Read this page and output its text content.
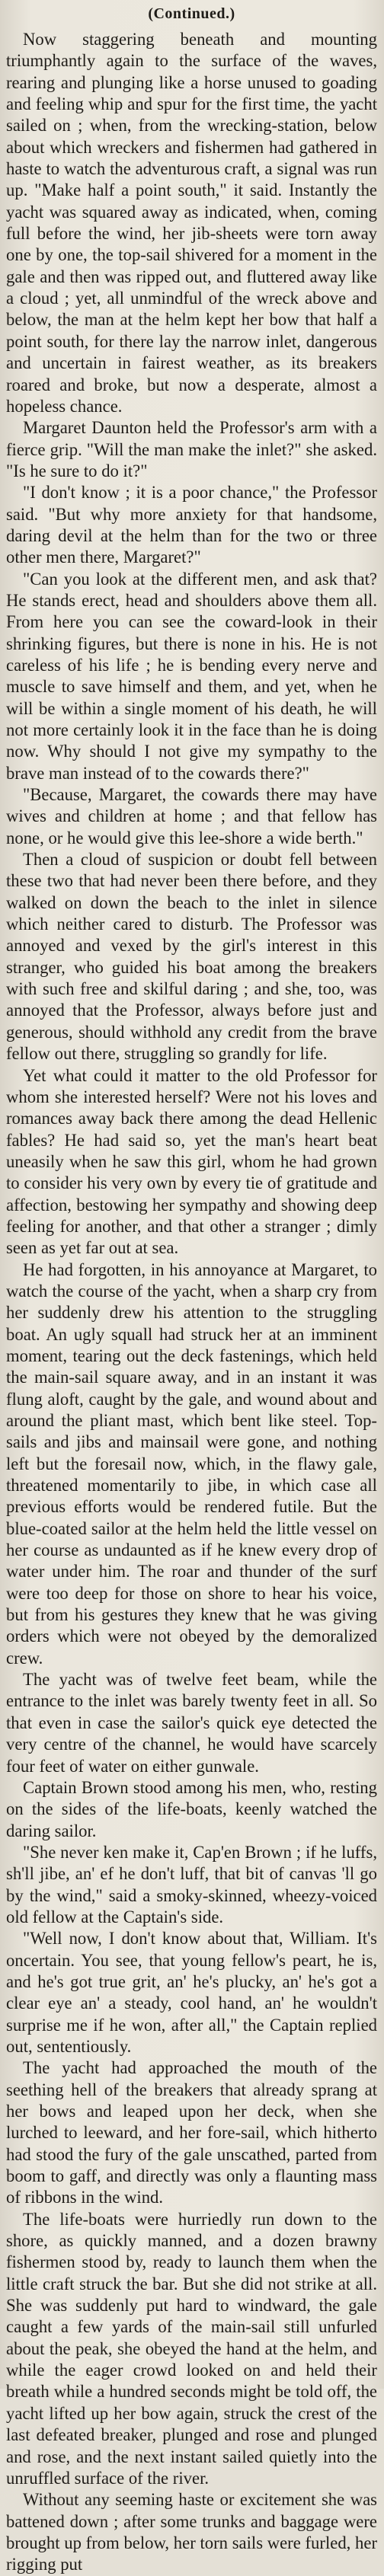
(Continued.)

Now staggering beneath and mounting triumphantly again to the surface of the waves, rearing and plunging like a horse unused to goading and feeling whip and spur for the first time, the yacht sailed on ; when, from the wrecking-station, below about which wreckers and fishermen had gathered in haste to watch the adventurous craft, a signal was run up. "Make half a point south," it said. Instantly the yacht was squared away as indicated, when, coming full before the wind, her jib-sheets were torn away one by one, the top-sail shivered for a moment in the gale and then was ripped out, and fluttered away like a cloud ; yet, all unmindful of the wreck above and below, the man at the helm kept her bow that half a point south, for there lay the narrow inlet, dangerous and uncertain in fairest weather, as its breakers roared and broke, but now a desperate, almost a hopeless chance.

Margaret Daunton held the Professor's arm with a fierce grip. "Will the man make the inlet?" she asked. "Is he sure to do it?"

"I don't know ; it is a poor chance," the Professor said. "But why more anxiety for that handsome, daring devil at the helm than for the two or three other men there, Margaret?"

"Can you look at the different men, and ask that? He stands erect, head and shoulders above them all. From here you can see the coward-look in their shrinking figures, but there is none in his. He is not careless of his life ; he is bending every nerve and muscle to save himself and them, and yet, when he will be within a single moment of his death, he will not more certainly look it in the face than he is doing now. Why should I not give my sympathy to the brave man instead of to the cowards there?"

"Because, Margaret, the cowards there may have wives and children at home ; and that fellow has none, or he would give this lee-shore a wide berth."

Then a cloud of suspicion or doubt fell between these two that had never been there before, and they walked on down the beach to the inlet in silence which neither cared to disturb. The Professor was annoyed and vexed by the girl's interest in this stranger, who guided his boat among the breakers with such free and skilful daring ; and she, too, was annoyed that the Professor, always before just and generous, should withhold any credit from the brave fellow out there, struggling so grandly for life.

Yet what could it matter to the old Professor for whom she interested herself? Were not his loves and romances away back there among the dead Hellenic fables? He had said so, yet the man's heart beat uneasily when he saw this girl, whom he had grown to consider his very own by every tie of gratitude and affection, bestowing her sympathy and showing deep feeling for another, and that other a stranger ; dimly seen as yet far out at sea.

He had forgotten, in his annoyance at Margaret, to watch the course of the yacht, when a sharp cry from her suddenly drew his attention to the struggling boat. An ugly squall had struck her at an imminent moment, tearing out the deck fastenings, which held the main-sail square away, and in an instant it was flung aloft, caught by the gale, and wound about and around the pliant mast, which bent like steel. Top-sails and jibs and mainsail were gone, and nothing left but the foresail now, which, in the flawy gale, threatened momentarily to jibe, in which case all previous efforts would be rendered futile. But the blue-coated sailor at the helm held the little vessel on her course as undaunted as if he knew every drop of water under him. The roar and thunder of the surf were too deep for those on shore to hear his voice, but from his gestures they knew that he was giving orders which were not obeyed by the demoralized crew.

The yacht was of twelve feet beam, while the entrance to the inlet was barely twenty feet in all. So that even in case the sailor's quick eye detected the very centre of the channel, he would have scarcely four feet of water on either gunwale.

Captain Brown stood among his men, who, resting on the sides of the life-boats, keenly watched the daring sailor.

"She never ken make it, Cap'en Brown ; if he luffs, sh'll jibe, an' ef he don't luff, that bit of canvas 'll go by the wind," said a smoky-skinned, wheezy-voiced old fellow at the Captain's side.

"Well now, I don't know about that, William. It's oncertain. You see, that young fellow's peart, he is, and he's got true grit, an' he's plucky, an' he's got a clear eye an' a steady, cool hand, an' he wouldn't surprise me if he won, after all," the Captain replied out, sententiously.

The yacht had approached the mouth of the seething hell of the breakers that already sprang at her bows and leaped upon her deck, when she lurched to leeward, and her fore-sail, which hitherto had stood the fury of the gale unscathed, parted from boom to gaff, and directly was only a flaunting mass of ribbons in the wind.

The life-boats were hurriedly run down to the shore, as quickly manned, and a dozen brawny fishermen stood by, ready to launch them when the little craft struck the bar. But she did not strike at all. She was suddenly put hard to windward, the gale caught a few yards of the main-sail still unfurled about the peak, she obeyed the hand at the helm, and while the eager crowd looked on and held their breath while a hundred seconds might be told off, the yacht lifted up her bow again, struck the crest of the last defeated breaker, plunged and rose and plunged and rose, and the next instant sailed quietly into the unruffled surface of the river.

Without any seeming haste or excitement she was battened down ; after some trunks and baggage were brought up from below, her torn sails were furled, her rigging put
